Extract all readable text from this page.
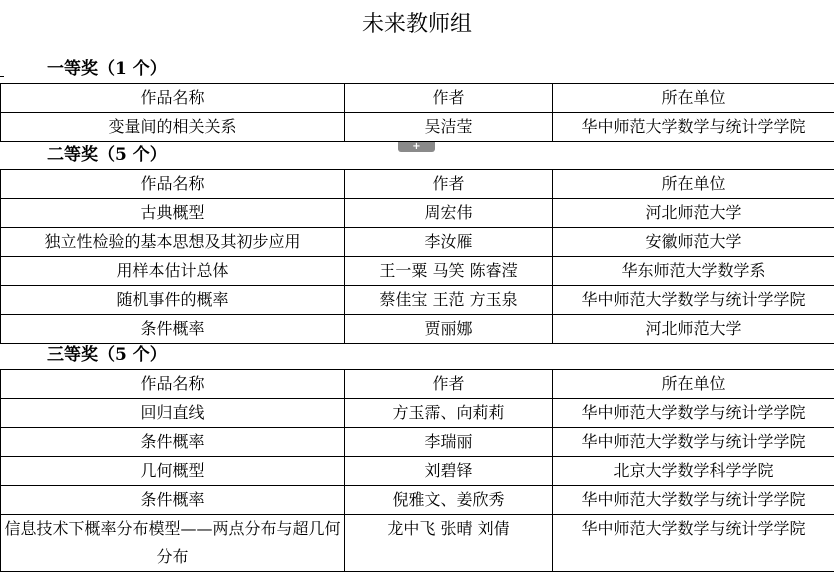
未来教师组
一等奖（1 个）
作品名称	作者	所在单位
变量间的相关关系	吴洁莹	华中师范大学数学与统计学学院
+
二等奖（5 个）
作品名称	作者	所在单位
古典概型	周宏伟	河北师范大学
独立性检验的基本思想及其初步应用	李汝雁	安徽师范大学
用样本估计总体	王一粟 马笑 陈睿滢	华东师范大学数学系
随机事件的概率	蔡佳宝 王范 方玉泉	华中师范大学数学与统计学学院
条件概率	贾丽娜	河北师范大学
三等奖（5 个）
作品名称	作者	所在单位
回归直线	方玉霈、向莉莉	华中师范大学数学与统计学学院
条件概率	李瑞丽	华中师范大学数学与统计学学院
几何概型	刘碧铎	北京大学数学科学学院
条件概率	倪雅文、姜欣秀	华中师范大学数学与统计学学院
信息技术下概率分布模型——两点分布与超几何分布	龙中飞 张晴 刘倩	华中师范大学数学与统计学学院
